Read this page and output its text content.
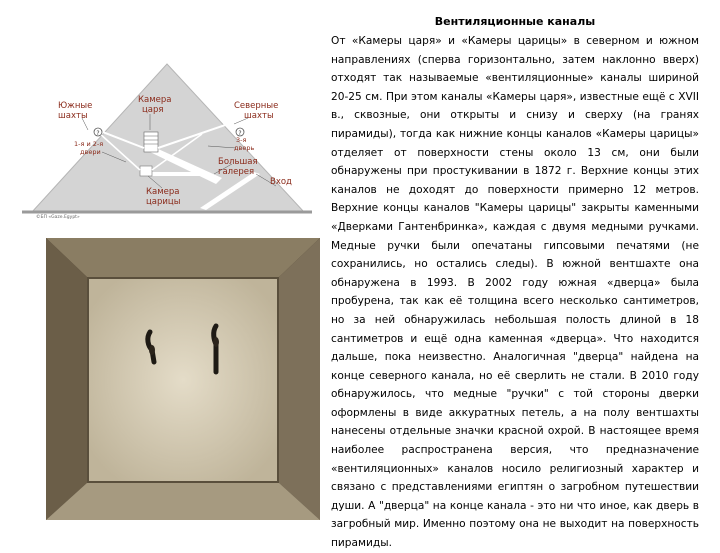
?	?
Южные
шахты
Камера
царя	Северные
шахты
1-я и 2-я
двери
3-я
дверь
Большая
галерея
Вход
Камера
царицы
©БП «Gaze.Egypt»
Вентиляционные каналы

От «Камеры царя» и «Камеры царицы» в северном и южном направлениях (сперва горизонтально, затем наклонно вверх) отходят так называемые «вентиляционные» каналы шириной 20-25 см. При этом каналы «Камеры царя», известные ещё с XVII в., сквозные, они открыты и снизу и сверху (на гранях пирамиды), тогда как нижние концы каналов «Камеры царицы» отделяет от поверхности стены около 13 см, они были обнаружены при простукивании в 1872 г. Верхние концы этих каналов не доходят до поверхности примерно 12 метров. Верхние концы каналов "Камеры царицы" закрыты каменными «Дверками Гантенбринка», каждая с двумя медными ручками. Медные ручки были опечатаны гипсовыми печатями (не сохранились, но остались следы). В южной вентшахте она обнаружена в 1993. В 2002 году южная «дверца» была пробурена, так как её толщина всего несколько сантиметров, но за ней обнаружилась небольшая полость длиной в 18 сантиметров и ещё одна каменная «дверца». Что находится дальше, пока неизвестно. Аналогичная "дверца" найдена на конце северного канала, но её сверлить не стали. В 2010 году обнаружилось, что медные "ручки" с той стороны дверки оформлены в виде аккуратных петель, а на полу вентшахты нанесены отдельные значки красной охрой. В настоящее время наиболее распространена версия, что предназначение «вентиляционных» каналов носило религиозный характер и связано с представлениями египтян о загробном путешествии души. А "дверца" на конце канала - это ни что иное, как дверь в загробный мир. Именно поэтому она не выходит на поверхность пирамиды.
